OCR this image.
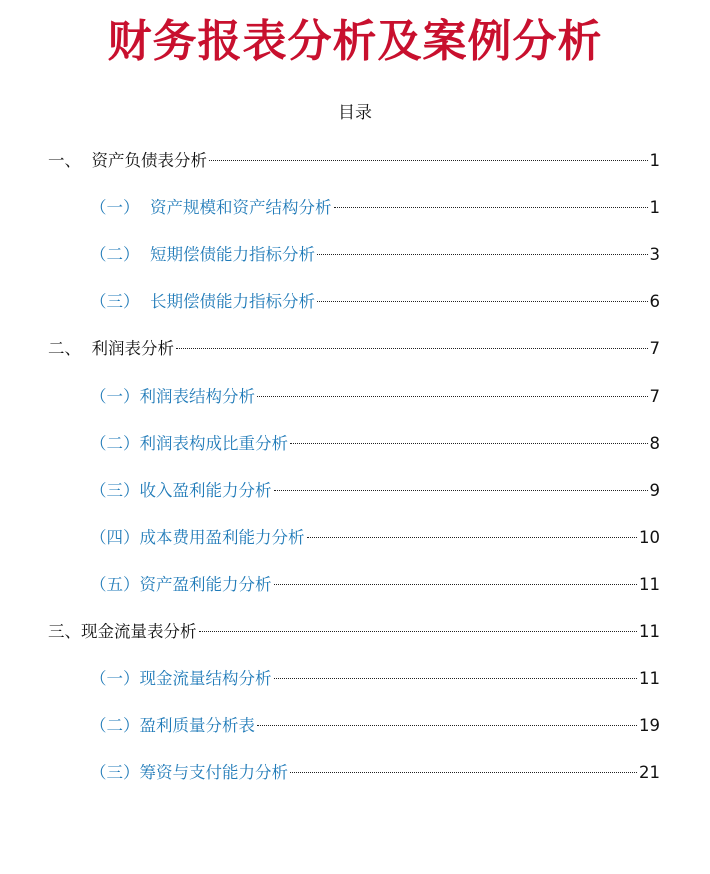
财务报表分析及案例分析
目录
一、  资产负债表分析	1
（一）  资产规模和资产结构分析	1
（二）  短期偿债能力指标分析	3
（三）  长期偿债能力指标分析	6
二、  利润表分析	7
（一）利润表结构分析	7
（二）利润表构成比重分析	8
（三）收入盈利能力分析	9
（四）成本费用盈利能力分析	10
（五）资产盈利能力分析	11
三、现金流量表分析	11
（一）现金流量结构分析	11
（二）盈利质量分析表	19
（三）筹资与支付能力分析	21
